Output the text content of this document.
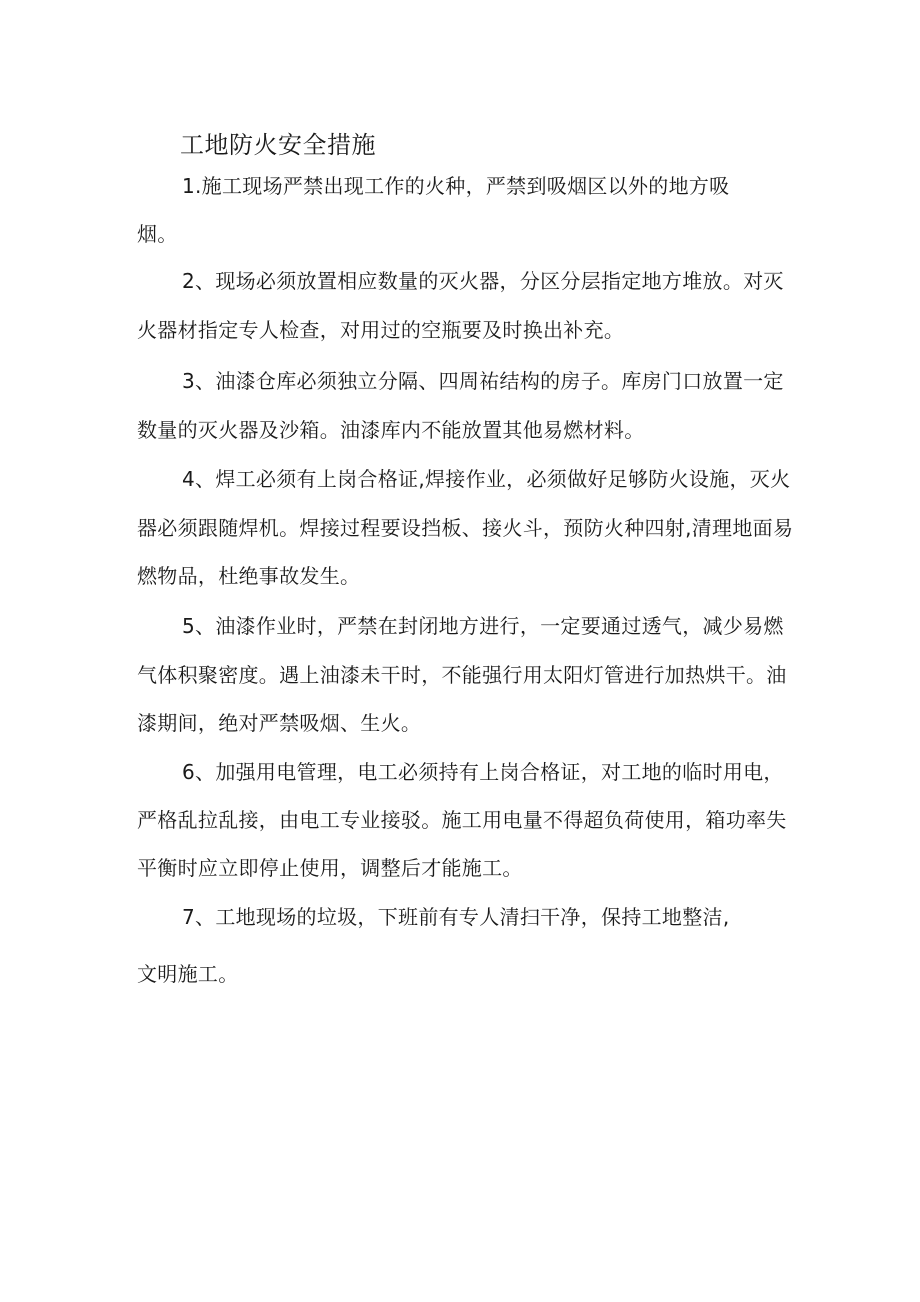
工地防火安全措施
1.施工现场严禁出现工作的火种，严禁到吸烟区以外的地方吸
烟。
2、现场必须放置相应数量的灭火器，分区分层指定地方堆放。对灭
火器材指定专人检查，对用过的空瓶要及时换出补充。
3、油漆仓库必须独立分隔、四周祐结构的房子。库房门口放置一定
数量的灭火器及沙箱。油漆库内不能放置其他易燃材料。
4、焊工必须有上岗合格证,焊接作业，必须做好足够防火设施，灭火
器必须跟随焊机。焊接过程要设挡板、接火斗，预防火种四射,清理地面易
燃物品，杜绝事故发生。
5、油漆作业时，严禁在封闭地方进行，一定要通过透气，减少易燃
气体积聚密度。遇上油漆未干时，不能强行用太阳灯管进行加热烘干。油
漆期间，绝对严禁吸烟、生火。
6、加强用电管理，电工必须持有上岗合格证，对工地的临时用电，
严格乱拉乱接，由电工专业接驳。施工用电量不得超负荷使用，箱功率失
平衡时应立即停止使用，调整后才能施工。
7、工地现场的垃圾，下班前有专人清扫干净，保持工地整洁,
文明施工。
